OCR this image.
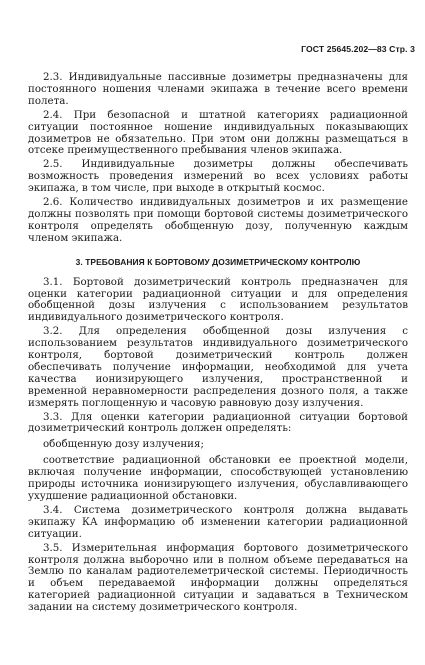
ГОСТ 25645.202—83 Стр. 3

2.3. Индивидуальные пассивные дозиметры предназначены для постоянного ношения членами экипажа в течение всего времени полета.

2.4. При безопасной и штатной категориях радиационной ситуации постоянное ношение индивидуальных показывающих дозиметров не обязательно. При этом они должны размещаться в отсеке преимущественного пребывания членов экипажа.

2.5. Индивидуальные дозиметры должны обеспечивать возможность проведения измерений во всех условиях работы экипажа, в том числе, при выходе в открытый космос.

2.6. Количество индивидуальных дозиметров и их размещение должны позволять при помощи бортовой системы дозиметрического контроля определять обобщенную дозу, полученную каждым членом экипажа.

3. ТРЕБОВАНИЯ К БОРТОВОМУ ДОЗИМЕТРИЧЕСКОМУ КОНТРОЛЮ

3.1. Бортовой дозиметрический контроль предназначен для оценки категории радиационной ситуации и для определения обобщенной дозы излучения с использованием результатов индивидуального дозиметрического контроля.

3.2. Для определения обобщенной дозы излучения с использованием результатов индивидуального дозиметрического контроля, бортовой дозиметрический контроль должен обеспечивать получение информации, необходимой для учета качества ионизирующего излучения, пространственной и временной неравномерности распределения дозного поля, а также измерять поглощенную и часовую равновую дозу излучения.

3.3. Для оценки категории радиационной ситуации бортовой дозиметрический контроль должен определять:

обобщенную дозу излучения;

соответствие радиационной обстановки ее проектной модели, включая получение информации, способствующей установлению природы источника ионизирующего излучения, обуславливающего ухудшение радиационной обстановки.

3.4. Система дозиметрического контроля должна выдавать экипажу КА информацию об изменении категории радиационной ситуации.

3.5. Измерительная информация бортового дозиметрического контроля должна выборочно или в полном объеме передаваться на Землю по каналам радиотелеметрической системы. Периодичность и объем передаваемой информации должны определяться категорией радиационной ситуации и задаваться в Техническом задании на систему дозиметрического контроля.
